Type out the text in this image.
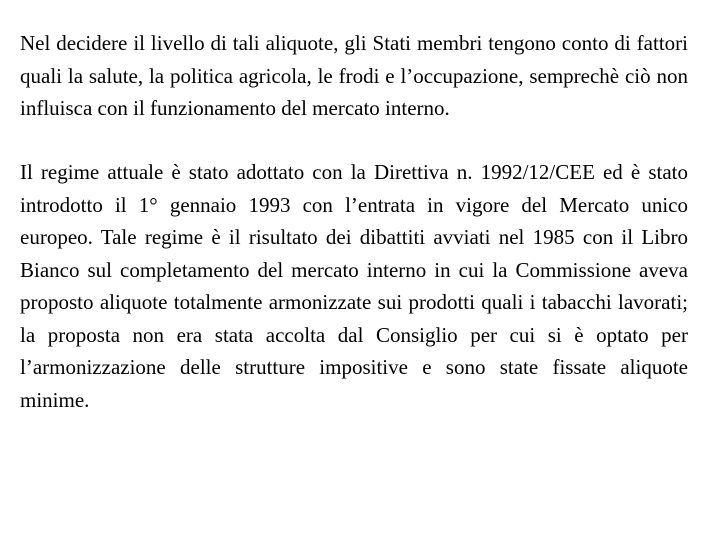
Nel decidere il livello di tali aliquote, gli Stati membri tengono conto di fattori quali la salute, la politica agricola, le frodi e l’occupazione, semprechè ciò non influisca con il funzionamento del mercato interno.

Il regime attuale è stato adottato con la Direttiva n. 1992/12/CEE ed è stato introdotto il 1° gennaio 1993 con l’entrata in vigore del Mercato unico europeo. Tale regime è il risultato dei dibattiti avviati nel 1985 con il Libro Bianco sul completamento del mercato interno in cui la Commissione aveva proposto aliquote totalmente armonizzate sui prodotti quali i tabacchi lavorati; la proposta non era stata accolta dal Consiglio per cui si è optato per l’armonizzazione delle strutture impositive e sono state fissate aliquote minime.
